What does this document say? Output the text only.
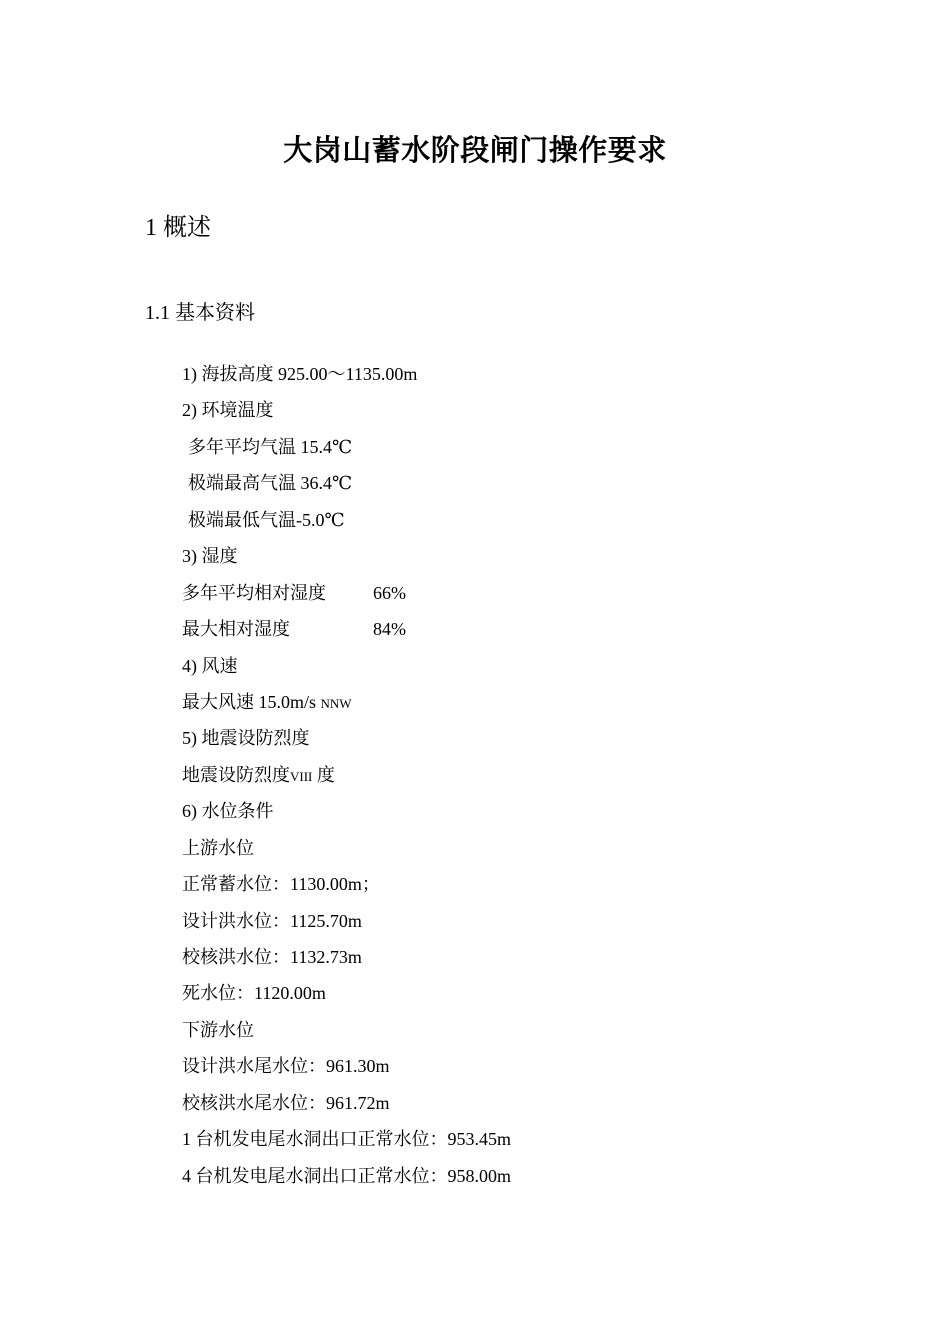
大岗山蓄水阶段闸门操作要求
1 概述
1.1 基本资料
1) 海拔高度 925.00～1135.00m
2) 环境温度
多年平均气温 15.4℃
极端最高气温 36.4℃
极端最低气温-5.0℃
3) 湿度
多年平均相对湿度	66%
最大相对湿度	84%
4) 风速
最大风速 15.0m/s NNW
5) 地震设防烈度
地震设防烈度VIII 度
6) 水位条件
上游水位
正常蓄水位：1130.00m；
设计洪水位：1125.70m
校核洪水位：1132.73m
死水位：1120.00m
下游水位
设计洪水尾水位：961.30m
校核洪水尾水位：961.72m
1 台机发电尾水洞出口正常水位：953.45m
4 台机发电尾水洞出口正常水位：958.00m
